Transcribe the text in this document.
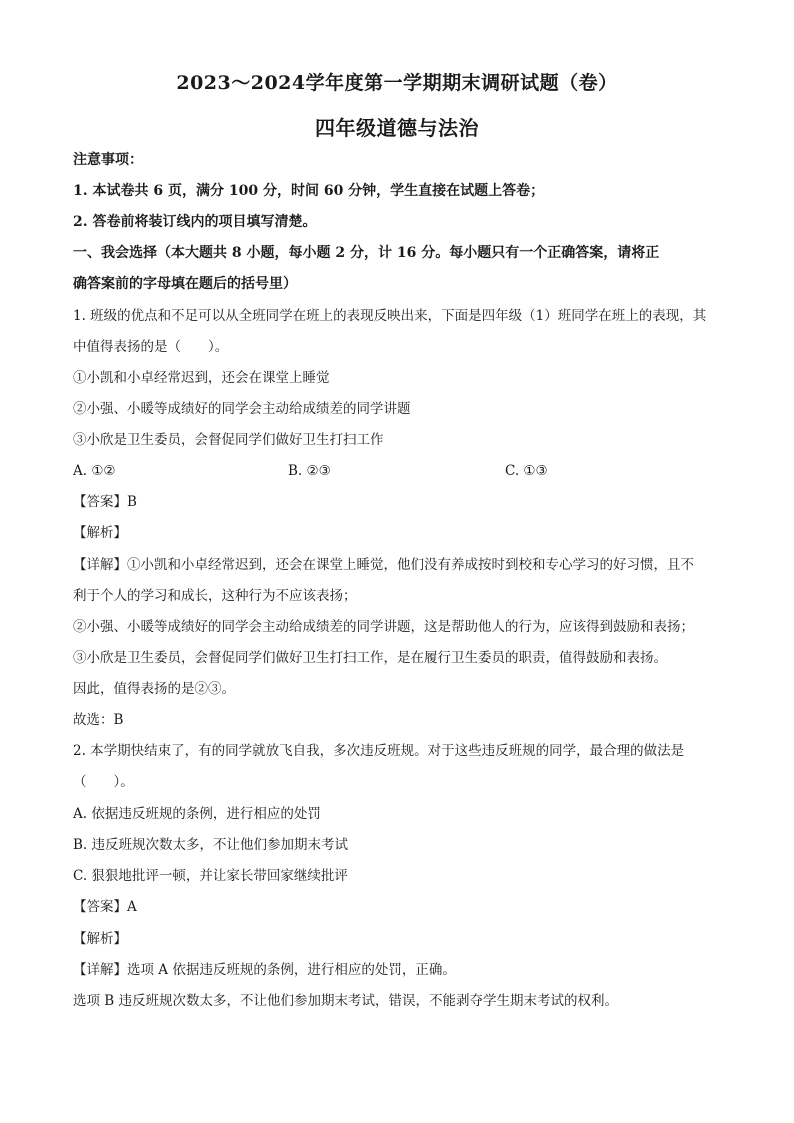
2023～2024学年度第一学期期末调研试题（卷）
四年级道德与法治
注意事项：
1. 本试卷共 6 页，满分 100 分，时间 60 分钟，学生直接在试题上答卷；
2. 答卷前将装订线内的项目填写清楚。
一、我会选择（本大题共 8 小题，每小题 2 分，计 16 分。每小题只有一个正确答案，请将正
确答案前的字母填在题后的括号里）
1. 班级的优点和不足可以从全班同学在班上的表现反映出来，下面是四年级（1）班同学在班上的表现，其
中值得表扬的是（　　）。
①小凯和小卓经常迟到，还会在课堂上睡觉
②小强、小暖等成绩好的同学会主动给成绩差的同学讲题
③小欣是卫生委员，会督促同学们做好卫生打扫工作
A. ①②	B. ②③	C. ①③
【答案】B
【解析】
【详解】①小凯和小卓经常迟到，还会在课堂上睡觉，他们没有养成按时到校和专心学习的好习惯，且不
利于个人的学习和成长，这种行为不应该表扬；
②小强、小暖等成绩好的同学会主动给成绩差的同学讲题，这是帮助他人的行为，应该得到鼓励和表扬；
③小欣是卫生委员，会督促同学们做好卫生打扫工作，是在履行卫生委员的职责，值得鼓励和表扬。
因此，值得表扬的是②③。
故选：B
2. 本学期快结束了，有的同学就放飞自我，多次违反班规。对于这些违反班规的同学，最合理的做法是
（　　）。
A. 依据违反班规的条例，进行相应的处罚
B. 违反班规次数太多，不让他们参加期末考试
C. 狠狠地批评一顿，并让家长带回家继续批评
【答案】A
【解析】
【详解】选项 A 依据违反班规的条例，进行相应的处罚，正确。
选项 B 违反班规次数太多，不让他们参加期末考试，错误，不能剥夺学生期末考试的权利。
